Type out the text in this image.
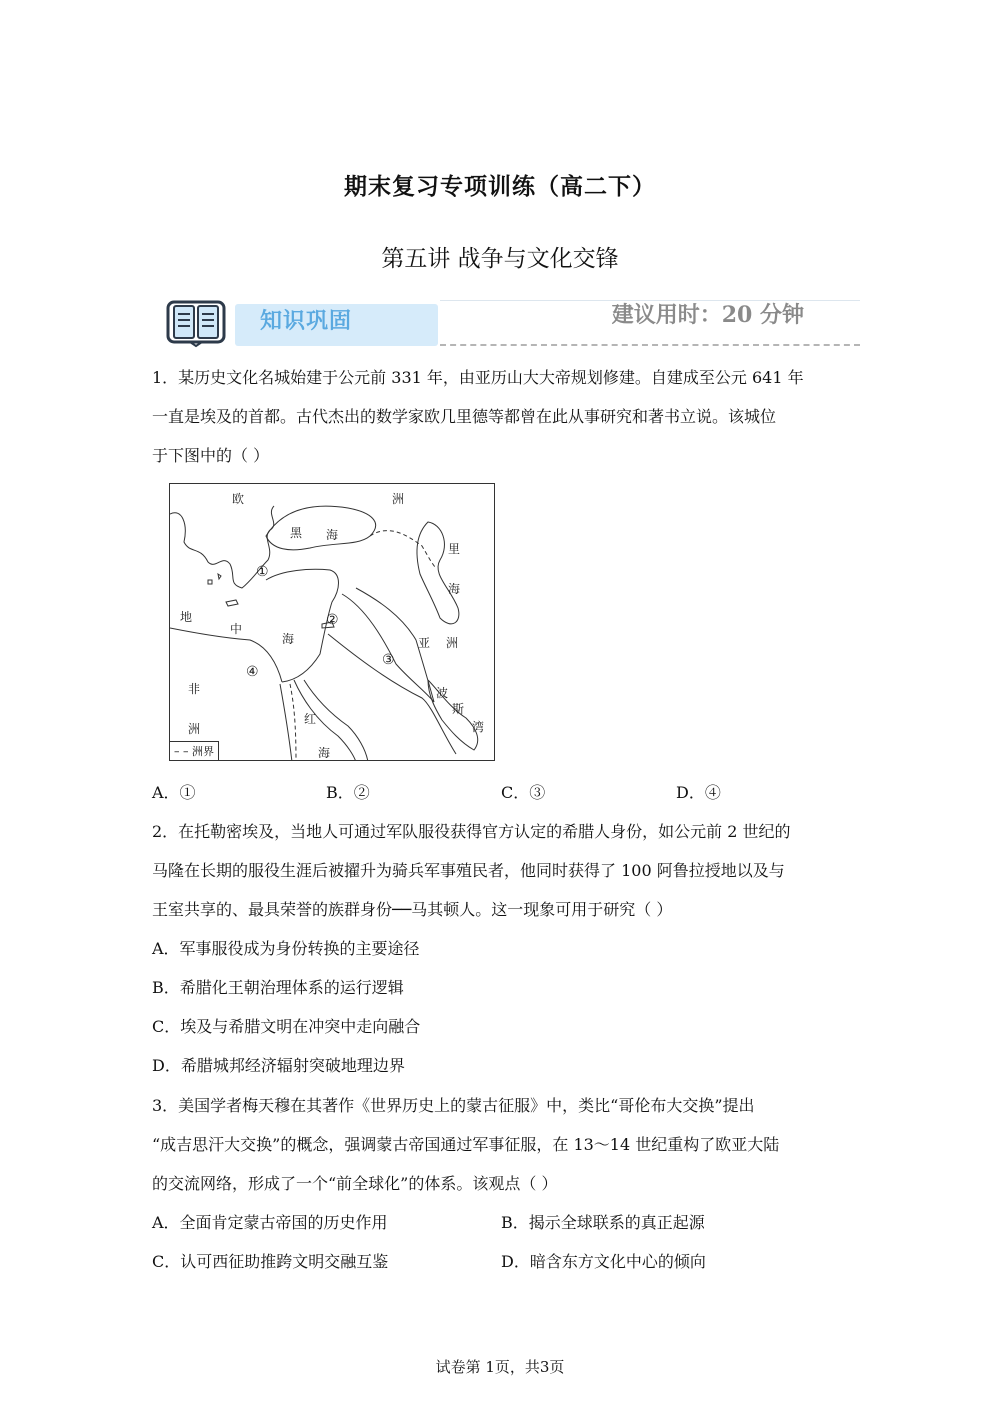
期末复习专项训练（高二下）
第五讲 战争与文化交锋
知识巩固	建议用时：20 分钟
1．某历史文化名城始建于公元前 331 年，由亚历山大大帝规划修建。自建成至公元 641 年
一直是埃及的首都。古代杰出的数学家欧几里德等都曾在此从事研究和著书立说。该城位
于下图中的（ ）
欧	洲
黑 海
里
海
地
中
海	亚 洲
非
洲
红
海
波
斯
湾
①
②
③
④
– – 洲界
A．①	B．②	C．③	D．④
2．在托勒密埃及，当地人可通过军队服役获得官方认定的希腊人身份，如公元前 2 世纪的
马隆在长期的服役生涯后被擢升为骑兵军事殖民者，他同时获得了 100 阿鲁拉授地以及与
王室共享的、最具荣誉的族群身份──马其顿人。这一现象可用于研究（ ）
A．军事服役成为身份转换的主要途径
B．希腊化王朝治理体系的运行逻辑
C．埃及与希腊文明在冲突中走向融合
D．希腊城邦经济辐射突破地理边界
3．美国学者梅天穆在其著作《世界历史上的蒙古征服》中，类比“哥伦布大交换”提出
“成吉思汗大交换”的概念，强调蒙古帝国通过军事征服，在 13～14 世纪重构了欧亚大陆
的交流网络，形成了一个“前全球化”的体系。该观点（ ）
A．全面肯定蒙古帝国的历史作用	B．揭示全球联系的真正起源
C．认可西征助推跨文明交融互鉴	D．暗含东方文化中心的倾向
试卷第 1页，共3页
